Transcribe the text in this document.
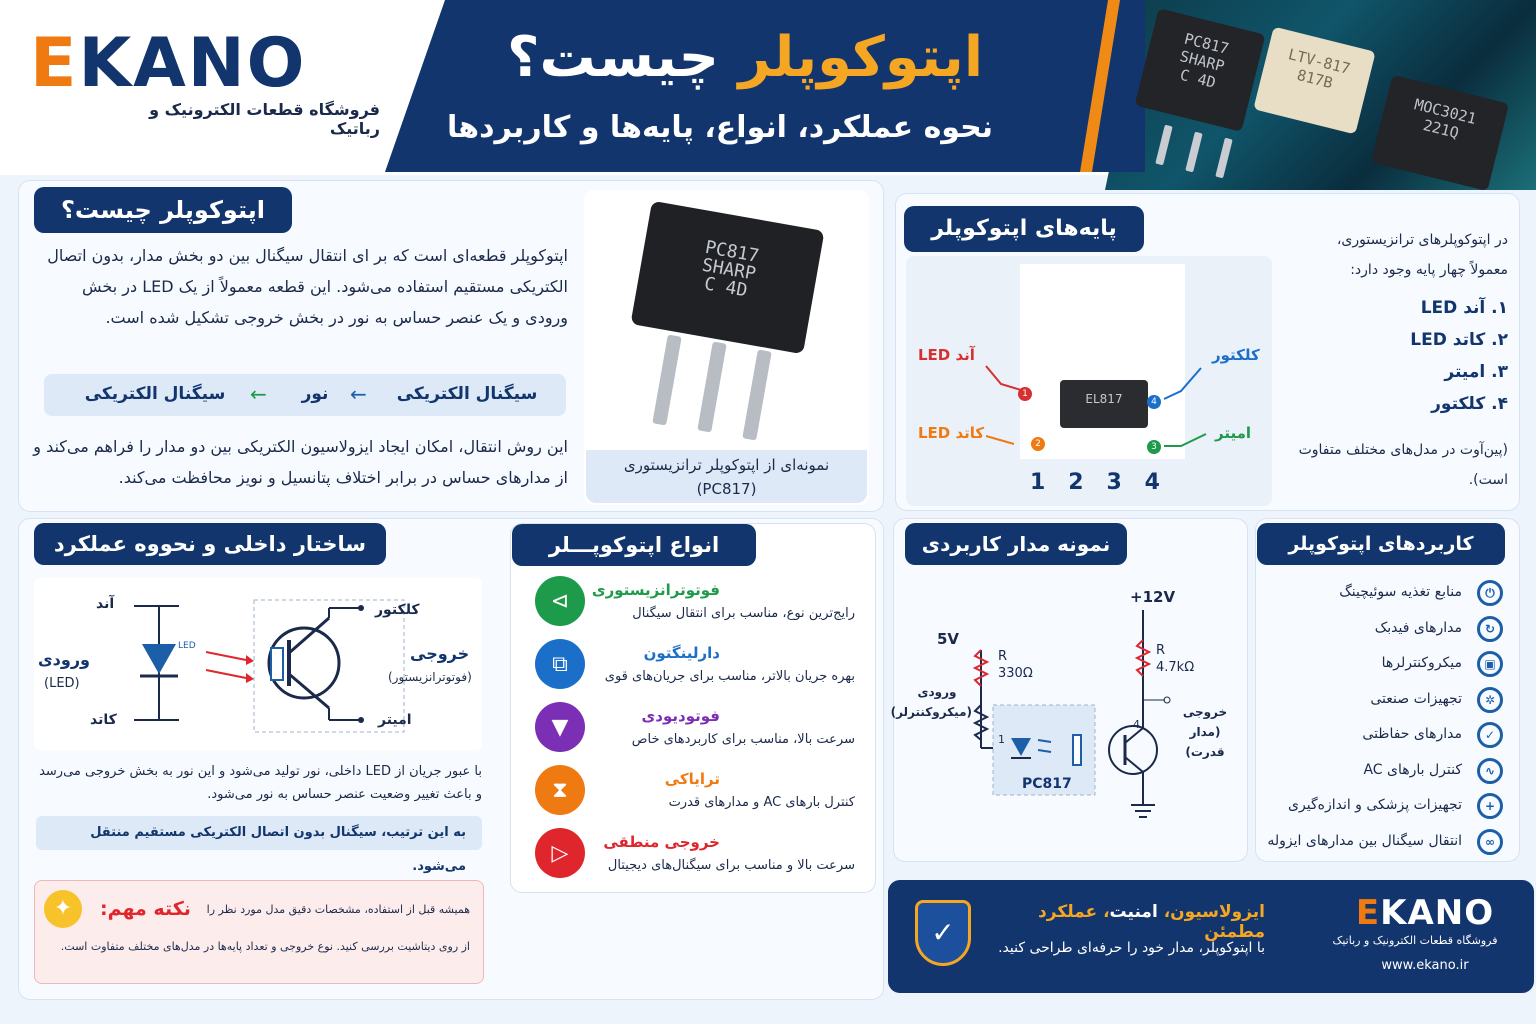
EKANO
فروشگاه قطعات الکترونیک و رباتیک
اپتوکوپلر چیست؟
نحوه عملکرد، انواع، پایه‌ها و کاربردها
PC817
SHARP
C 4D
LTV-817
817B
MOC3021
221Q
اپتوکوپلر چیست؟
اپتوکوپلر قطعه‌ای است که بر ای انتقال سیگنال بین دو بخش مدار، بدون اتصال الکتریکی مستقیم استفاده می‌شود. این قطعه معمولاً از یک LED در بخش ورودی و یک عنصر حساس به نور در بخش خروجی تشکیل شده است.
سیگنال الکتریکی
←
نور
←
سیگنال الکتریکی
این روش انتقال، امکان ایجاد ایزولاسیون الکتریکی بین دو مدار را فراهم می‌کند و از مدارهای حساس در برابر اختلاف پتانسیل و نویز محافظت می‌کند.
PC817
SHARP
C 4D
نمونه‌ای از اپتوکوپلر ترانزیستوری
(PC817)
پایه‌های اپتوکوپلر
EL817
آند LED
کاتد LED
کلکتور
امیتر
1
2
4
3
1 2 3 4
در اپتوکوپلرهای ترانزیستوری، معمولاً چهار پایه وجود دارد:
۱. آند LED
۲. کاتد LED
۳. امیتر
۴. کلکتور
(پین‌آوت در مدل‌های مختلف متفاوت است).
ساختار داخلی و نحووه عملکرد
آند
کاتد
ورودی
(LED)
LED
کلکتور
امیتر
خروجی
(فوتوترانزیستور)
با عبور جریان از LED داخلی، نور تولید می‌شود و این نور به بخش خروجی می‌رسد و باعث تغییر وضعیت عنصر حساس به نور می‌شود.
به این ترتیب، سیگنال بدون اتصال الکتریکی مستقیم منتقل می‌شود.
✦	نکته مهم:	همیشه قبل از استفاده، مشخصات دقیق مدل مورد نظر را
از روی دیتاشیت بررسی کنید. نوع خروجی و تعداد پایه‌ها در مدل‌های مختلف متفاوت است.
انواع اپتوکوپـــلر
⊳	فوتوترانزیستوری
رایج‌ترین نوع، مناسب برای انتقال سیگنال
⧉	دارلینگتون
بهره جریان بالاتر، مناسب برای جریان‌های قوی
▼	فوتودیودی
سرعت بالا، مناسب برای کاربردهای خاص
⧗	ترایاکی
کنترل بارهای AC و مدارهای قدرت
▷	خروجی منطقی
سرعت بالا و مناسب برای سیگنال‌های دیجیتال
نمونه مدار کاربردی
5V
+12V
R
330Ω
R
4.7kΩ
ورودی
(میکروکنترلر)	خروجی
(مدار قدرت)
PC817
1
4
کاربردهای اپتوکوپلر
⏻
منابع تغذیه سوئیچینگ
↻
مدارهای فیدبک
▣
میکروکنترلرها
✲
تجهیزات صنعتی
✓
مدارهای حفاظتی
∿
کنترل بارهای AC
+
تجهیزات پزشکی و اندازه‌گیری
∞
انتقال سیگنال بین مدارهای ایزوله
✓
ایزولاسیون، امنیت، عملکرد مطمئن
با اپتوکوپلر، مدار خود را حرفه‌ای طراحی کنید.
EKANO
فروشگاه قطعات الکترونیک و رباتیک
www.ekano.ir
